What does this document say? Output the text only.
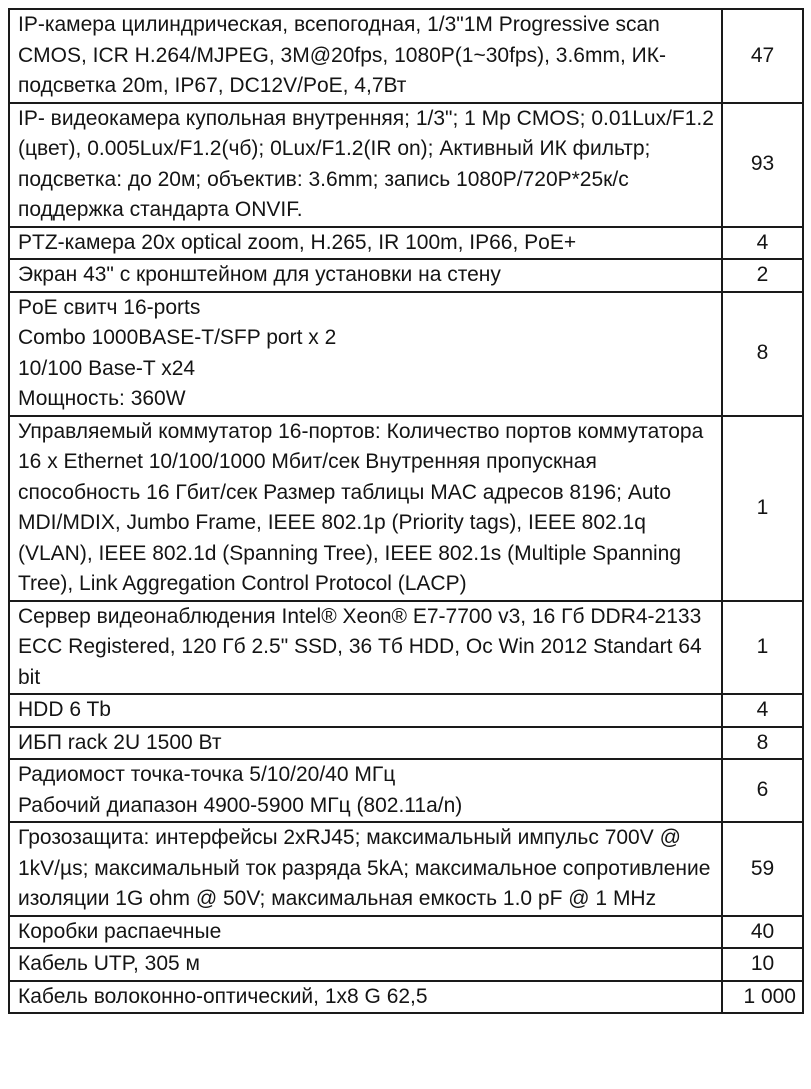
IP-камера цилиндрическая, всепогодная, 1/3"1M Progressive scan CMOS, ICR H.264/MJPEG, 3M@20fps, 1080P(1~30fps), 3.6mm, ИК-подсветка 20m, IP67, DC12V/PoE, 4,7Вт	47
IP- видеокамера купольная внутренняя; 1/3"; 1 Mp CMOS; 0.01Lux/F1.2 (цвет), 0.005Lux/F1.2(чб); 0Lux/F1.2(IR on); Активный ИК фильтр; подсветка: до 20м; объектив: 3.6mm; запись 1080P/720P*25к/с поддержка стандарта ONVIF.	93
PTZ-камера 20x optical zoom, H.265, IR 100m, IP66, PoE+	4
Экран 43" с кронштейном для установки на стену	2
PoE свитч 16-ports
Combo 1000BASE-T/SFP port x 2
10/100 Base-T x24
Мощность: 360W	8
Управляемый коммутатор 16-портов: Количество портов коммутатора 16 x Ethernet 10/100/1000 Мбит/сек Внутренняя пропускная способность 16 Гбит/сек Размер таблицы MAC адресов 8196; Auto MDI/MDIX, Jumbo Frame, IEEE 802.1p (Priority tags), IEEE 802.1q (VLAN), IEEE 802.1d (Spanning Tree), IEEE 802.1s (Multiple Spanning Tree), Link Aggregation Control Protocol (LACP)	1
Сервер видеонаблюдения Intel® Xeon® E7-7700 v3, 16 Гб DDR4-2133 ECC Registered, 120 Гб 2.5" SSD, 36 Тб HDD, Ос Win 2012 Standart 64 bit	1
HDD 6 Tb	4
ИБП rack 2U 1500 Вт	8
Радиомост точка-точка 5/10/20/40 МГц
Рабочий диапазон 4900-5900 МГц (802.11a/n)	6
Грозозащита: интерфейсы 2xRJ45; максимальный импульс 700V @ 1kV/µs; максимальный ток разряда 5kA; максимальное сопротивление изоляции 1G ohm @ 50V; максимальная емкость 1.0 pF @ 1 MHz	59
Коробки распаечные	40
Кабель UTP, 305 м	10
Кабель волоконно-оптический, 1x8 G 62,5	1 000
